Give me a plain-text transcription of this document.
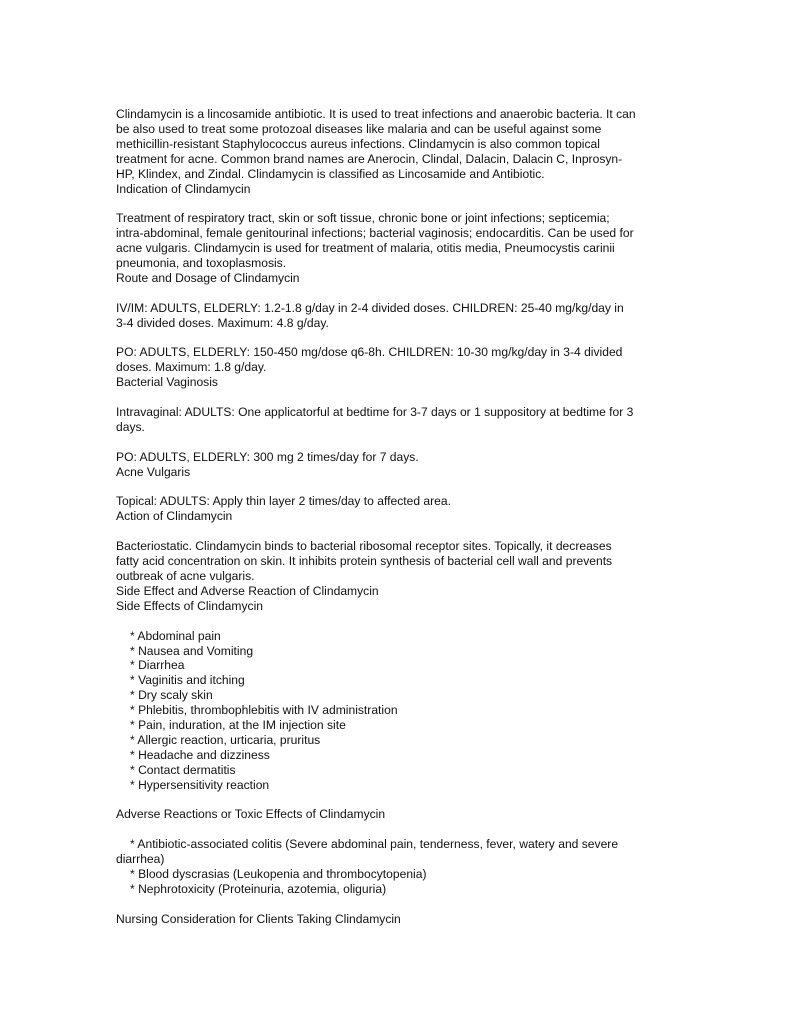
Clindamycin is a lincosamide antibiotic. It is used to treat infections and anaerobic bacteria. It can
be also used to treat some protozoal diseases like malaria and can be useful against some
methicillin-resistant Staphylococcus aureus infections. Clindamycin is also common topical
treatment for acne. Common brand names are Anerocin, Clindal, Dalacin, Dalacin C, Inprosyn-
HP, Klindex, and Zindal. Clindamycin is classified as Lincosamide and Antibiotic.

Indication of Clindamycin

Treatment of respiratory tract, skin or soft tissue, chronic bone or joint infections; septicemia;
intra-abdominal, female genitourinal infections; bacterial vaginosis; endocarditis. Can be used for
acne vulgaris. Clindamycin is used for treatment of malaria, otitis media, Pneumocystis carinii
pneumonia, and toxoplasmosis.

Route and Dosage of Clindamycin

IV/IM: ADULTS, ELDERLY: 1.2-1.8 g/day in 2-4 divided doses. CHILDREN: 25-40 mg/kg/day in
3-4 divided doses. Maximum: 4.8 g/day.

PO: ADULTS, ELDERLY: 150-450 mg/dose q6-8h. CHILDREN: 10-30 mg/kg/day in 3-4 divided
doses. Maximum: 1.8 g/day.

Bacterial Vaginosis

Intravaginal: ADULTS: One applicatorful at bedtime for 3-7 days or 1 suppository at bedtime for 3
days.

PO: ADULTS, ELDERLY: 300 mg 2 times/day for 7 days.

Acne Vulgaris

Topical: ADULTS: Apply thin layer 2 times/day to affected area.

Action of Clindamycin

Bacteriostatic. Clindamycin binds to bacterial ribosomal receptor sites. Topically, it decreases
fatty acid concentration on skin. It inhibits protein synthesis of bacterial cell wall and prevents
outbreak of acne vulgaris.

Side Effect and Adverse Reaction of Clindamycin

Side Effects of Clindamycin

* Abdominal pain
* Nausea and Vomiting
* Diarrhea
* Vaginitis and itching
* Dry scaly skin
* Phlebitis, thrombophlebitis with IV administration
* Pain, induration, at the IM injection site
* Allergic reaction, urticaria, pruritus
* Headache and dizziness
* Contact dermatitis
* Hypersensitivity reaction

Adverse Reactions or Toxic Effects of Clindamycin

* Antibiotic-associated colitis (Severe abdominal pain, tenderness, fever, watery and severe

diarrhea)

* Blood dyscrasias (Leukopenia and thrombocytopenia)
* Nephrotoxicity (Proteinuria, azotemia, oliguria)

Nursing Consideration for Clients Taking Clindamycin
